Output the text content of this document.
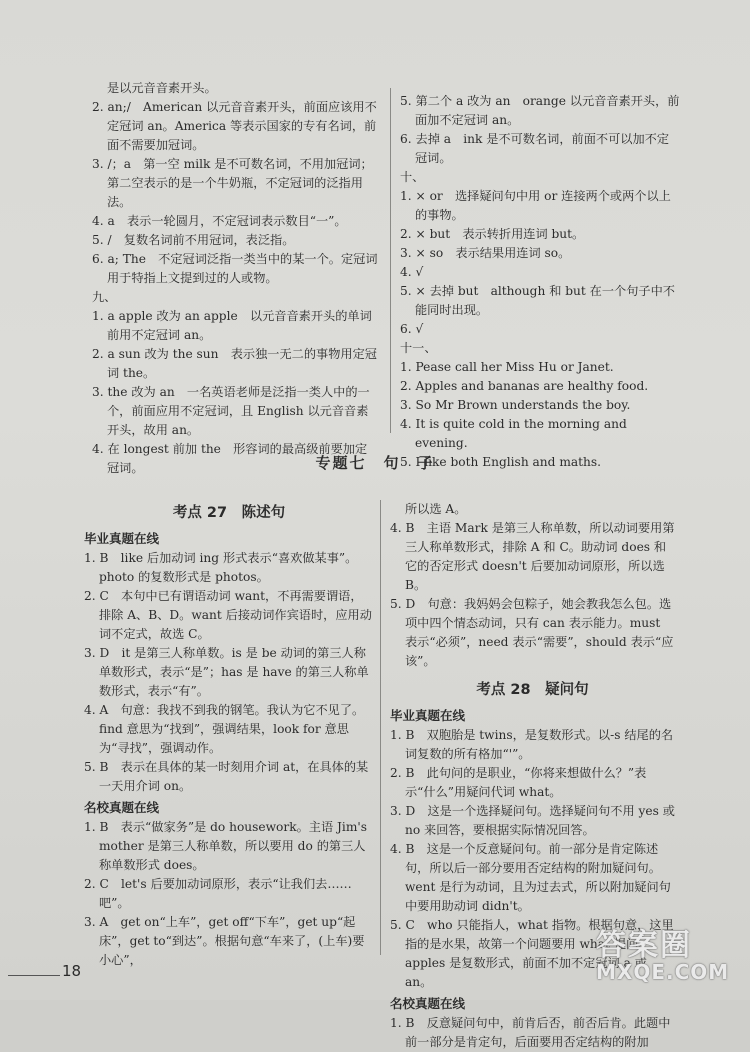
是以元音音素开头。

2. an;/　American 以元音音素开头，前面应该用不定冠词 an。America 等表示国家的专有名词，前面不需要加冠词。

3. /；a　第一空 milk 是不可数名词，不用加冠词；第二空表示的是一个牛奶瓶，不定冠词的泛指用法。

4. a　表示一轮圆月，不定冠词表示数目“一”。

5. /　复数名词前不用冠词，表泛指。

6. a; The　不定冠词泛指一类当中的某一个。定冠词用于特指上文提到过的人或物。

九、

1. a apple 改为 an apple　以元音音素开头的单词前用不定冠词 an。

2. a sun 改为 the sun　表示独一无二的事物用定冠词 the。

3. the 改为 an　一名英语老师是泛指一类人中的一个，前面应用不定冠词，且 English 以元音音素开头，故用 an。

4. 在 longest 前加 the　形容词的最高级前要加定冠词。

5. 第二个 a 改为 an　orange 以元音音素开头，前面加不定冠词 an。

6. 去掉 a　ink 是不可数名词，前面不可以加不定冠词。

十、

1. × or　选择疑问句中用 or 连接两个或两个以上的事物。

2. × but　表示转折用连词 but。

3. × so　表示结果用连词 so。

4. √

5. × 去掉 but　although 和 but 在一个句子中不能同时出现。

6. √

十一、

1. Pease call her Miss Hu or Janet.

2. Apples and bananas are healthy food.

3. So Mr Brown understands the boy.

4. It is quite cold in the morning and evening.

5. I like both English and maths.

专题七　句　子
考点 27　陈述句
毕业真题在线

1. B　like 后加动词 ing 形式表示“喜欢做某事”。photo 的复数形式是 photos。

2. C　本句中已有谓语动词 want，不再需要谓语，排除 A、B、D。want 后接动词作宾语时，应用动词不定式，故选 C。

3. D　it 是第三人称单数。is 是 be 动词的第三人称单数形式，表示“是”；has 是 have 的第三人称单数形式，表示“有”。

4. A　句意：我找不到我的钢笔。我认为它不见了。find 意思为“找到”，强调结果，look for 意思为“寻找”，强调动作。

5. B　表示在具体的某一时刻用介词 at，在具体的某一天用介词 on。

名校真题在线

1. B　表示“做家务”是 do housework。主语 Jim's mother 是第三人称单数，所以要用 do 的第三人称单数形式 does。

2. C　let's 后要加动词原形，表示“让我们去……吧”。

3. A　get on“上车”，get off“下车”，get up“起床”，get to“到达”。根据句意“车来了，(上车)要小心”，

所以选 A。

4. B　主语 Mark 是第三人称单数，所以动词要用第三人称单数形式，排除 A 和 C。助动词 does 和它的否定形式 doesn't 后要加动词原形，所以选 B。

5. D　句意：我妈妈会包粽子，她会教我怎么包。选项中四个情态动词，只有 can 表示能力。must 表示“必须”，need 表示“需要”，should 表示“应该”。

考点 28　疑问句
毕业真题在线

1. B　双胞胎是 twins，是复数形式。以-s 结尾的名词复数的所有格加“'”。

2. B　此句问的是职业，“你将来想做什么？”表示“什么”用疑问代词 what。

3. D　这是一个选择疑问句。选择疑问句不用 yes 或 no 来回答，要根据实际情况回答。

4. B　这是一个反意疑问句。前一部分是肯定陈述句，所以后一部分要用否定结构的附加疑问句。went 是行为动词，且为过去式，所以附加疑问句中要用助动词 didn't。

5. C　who 只能指人，what 指物。根据句意，这里指的是水果，故第一个问题要用 what 提问。apples 是复数形式，前面不加不定冠词 a 或 an。

名校真题在线

1. B　反意疑问句中，前肯后否，前否后肯。此题中前一部分是肯定句，后面要用否定结构的附加

18
答案圈
MXQE.COM
